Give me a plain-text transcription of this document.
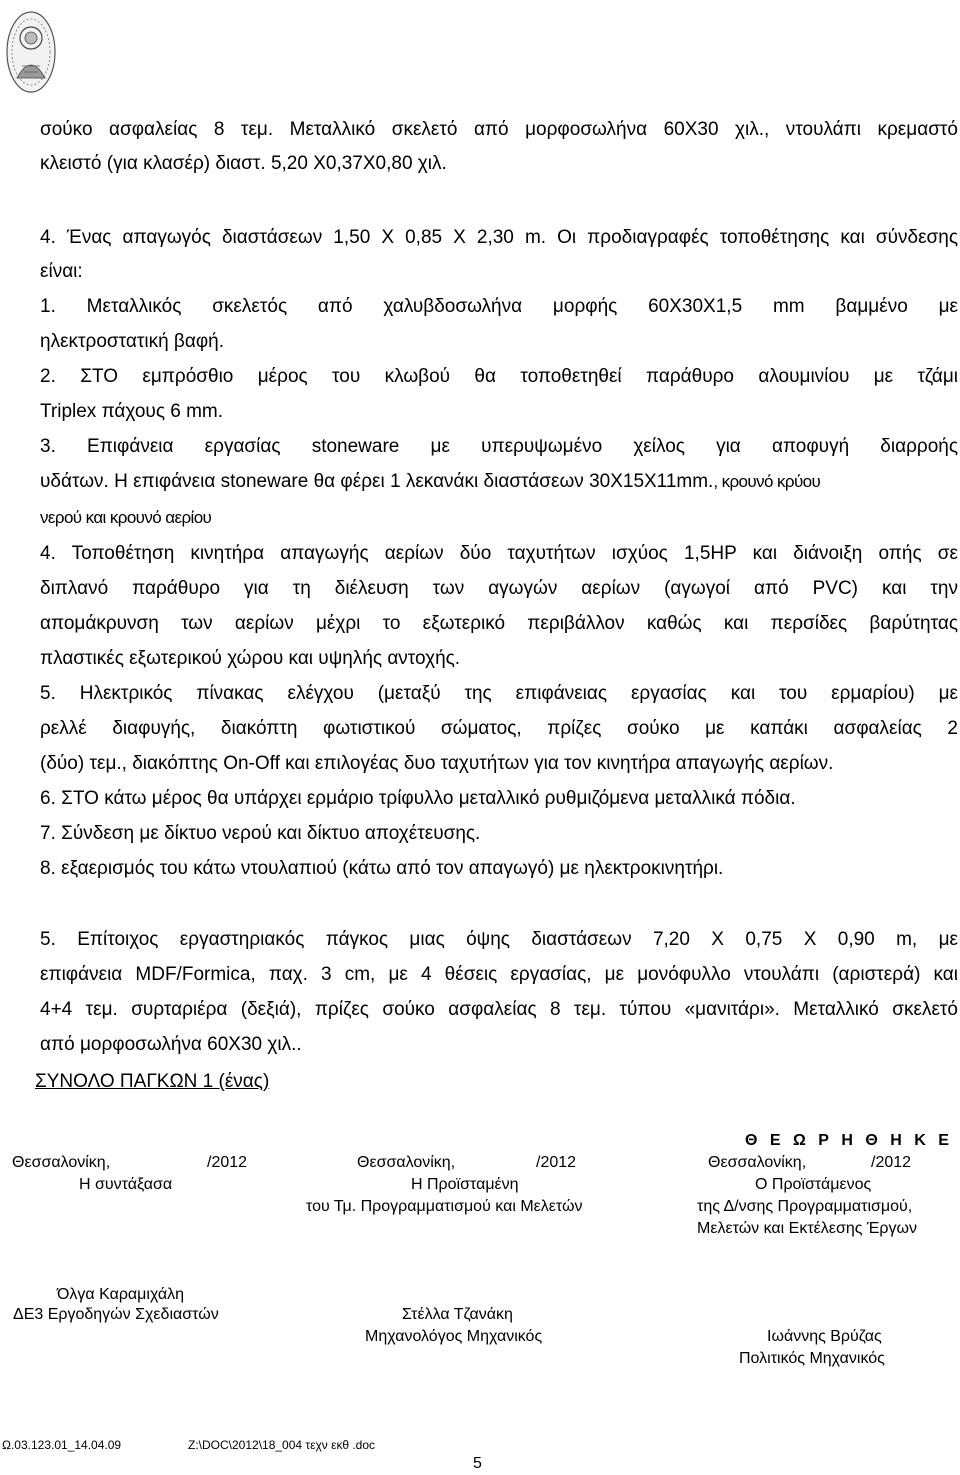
σούκο ασφαλείας 8 τεμ. Μεταλλικό σκελετό από μορφοσωλήνα 60Χ30 χιλ., ντουλάπι κρεμαστό
κλειστό (για κλασέρ) διαστ. 5,20 Χ0,37Χ0,80 χιλ.
4. Ένας απαγωγός διαστάσεων 1,50 Χ 0,85 Χ 2,30 m. Οι προδιαγραφές τοποθέτησης και σύνδεσης
είναι:
1. Μεταλλικός σκελετός από χαλυβδοσωλήνα μορφής 60Χ30Χ1,5 mm βαμμένο με
ηλεκτροστατική βαφή.
2. ΣΤΟ εμπρόσθιο μέρος του κλωβού θα τοποθετηθεί παράθυρο αλουμινίου με τζάμι
Triplex πάχους 6 mm.
3. Επιφάνεια εργασίας stoneware με υπερυψωμένο χείλος για αποφυγή διαρροής
υδάτων. Η επιφάνεια stoneware θα φέρει 1 λεκανάκι διαστάσεων 30Χ15Χ11mm., κρουνό κρύου
νερού και κρουνό αερίου
4. Τοποθέτηση κινητήρα απαγωγής αερίων δύο ταχυτήτων ισχύος 1,5HP και διάνοιξη οπής σε
διπλανό παράθυρο για τη διέλευση των αγωγών αερίων (αγωγοί από PVC) και την
απομάκρυνση των αερίων μέχρι το εξωτερικό περιβάλλον καθώς και περσίδες βαρύτητας
πλαστικές εξωτερικού χώρου και υψηλής αντοχής.
5. Ηλεκτρικός πίνακας ελέγχου (μεταξύ της επιφάνειας εργασίας και του ερμαρίου) με
ρελλέ διαφυγής, διακόπτη φωτιστικού σώματος, πρίζες σούκο με καπάκι ασφαλείας 2
(δύο) τεμ., διακόπτης On-Off και επιλογέας δυο ταχυτήτων για τον κινητήρα απαγωγής αερίων.
6. ΣΤΟ κάτω μέρος θα υπάρχει ερμάριο τρίφυλλο μεταλλικό ρυθμιζόμενα μεταλλικά πόδια.
7. Σύνδεση με δίκτυο νερού και δίκτυο αποχέτευσης.
8. εξαερισμός του κάτω ντουλαπιού (κάτω από τον απαγωγό) με ηλεκτροκινητήρι.
5. Επίτοιχος εργαστηριακός πάγκος μιας όψης διαστάσεων 7,20 Χ 0,75 Χ 0,90 m, με
επιφάνεια MDF/Formica, παχ. 3 cm, με 4 θέσεις εργασίας, με μονόφυλλο ντουλάπι (αριστερά) και
4+4 τεμ. συρταριέρα (δεξιά), πρίζες σούκο ασφαλείας 8 τεμ. τύπου «μανιτάρι». Μεταλλικό σκελετό
από μορφοσωλήνα 60Χ30 χιλ..
ΣΥΝΟΛΟ ΠΑΓΚΩΝ 1 (ένας)
Θ Ε Ω Ρ Η Θ Η Κ Ε
Θεσσαλονίκη,	/2012
Η συντάξασα
Θεσσαλονίκη,	/2012
Η Προϊσταμένη
του Τμ. Προγραμματισμού και Μελετών
Θεσσαλονίκη,	/2012
Ο Προϊστάμενος
της Δ/νσης Προγραμματισμού,
Μελετών και Εκτέλεσης Έργων
Όλγα Καραμιχάλη
ΔΕ3 Εργοδηγών Σχεδιαστών	Στέλλα Τζανάκη
Μηχανολόγος Μηχανικός	Ιωάννης Βρύζας
Πολιτικός Μηχανικός
Ω.03.123.01_14.04.09	Z:\DOC\2012\18_004 τεχν εκθ .doc
5
